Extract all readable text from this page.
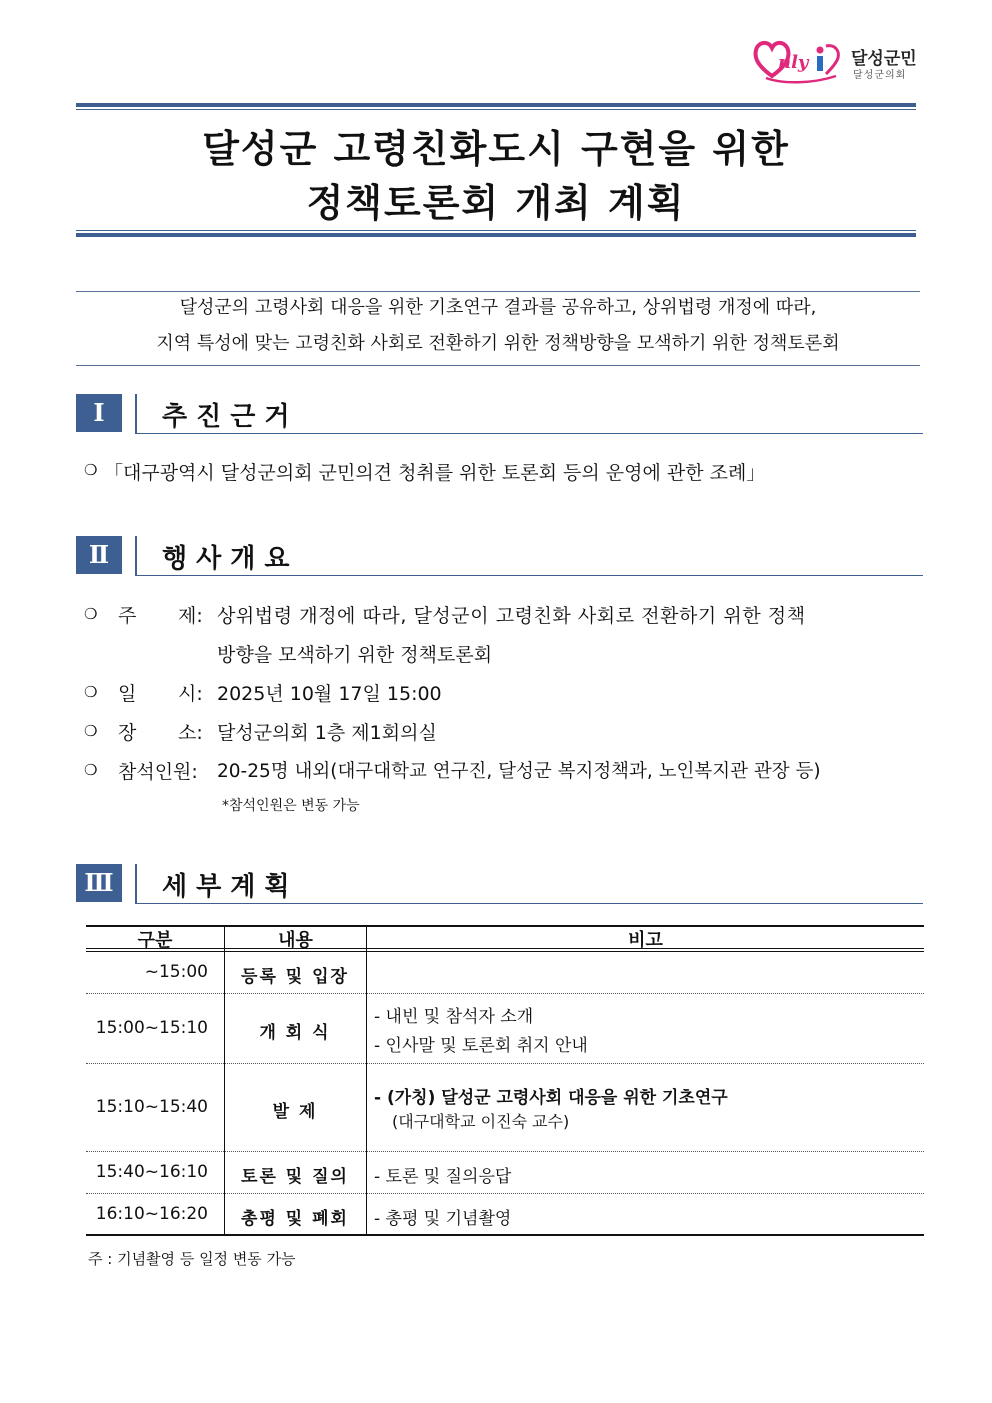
nly	달성군민
달성군의회
달성군 고령친화도시 구현을 위한
정책토론회 개최 계획
달성군의 고령사회 대응을 위한 기초연구 결과를 공유하고, 상위법령 개정에 따라,
지역 특성에 맞는 고령친화 사회로 전환하기 위한 정책방향을 모색하기 위한 정책토론회
Ⅰ	추진근거
❍ 「대구광역시 달성군의회 군민의견 청취를 위한 토론회 등의 운영에 관한 조례」
Ⅱ	행사개요
❍ 주 제: 상위법령 개정에 따라, 달성군이 고령친화 사회로 전환하기 위한 정책
방향을 모색하기 위한 정책토론회
❍ 일 시: 2025년 10월 17일 15:00
❍ 장 소: 달성군의회 1층 제1회의실
❍ 참석인원: 20-25명 내외(대구대학교 연구진, 달성군 복지정책과, 노인복지관 관장 등)
*참석인원은 변동 가능
Ⅲ	세부계획
구분	내용	비고
~15:00	등록 및 입장
15:00~15:10	개 회 식
- 내빈 및 참석자 소개
- 인사말 및 토론회 취지 안내
15:10~15:40	발 제
- (가칭) 달성군 고령사회 대응을 위한 기초연구
(대구대학교 이진숙 교수)
15:40~16:10	토론 및 질의	- 토론 및 질의응답
16:10~16:20	총평 및 폐회	- 총평 및 기념촬영
주 : 기념촬영 등 일정 변동 가능
